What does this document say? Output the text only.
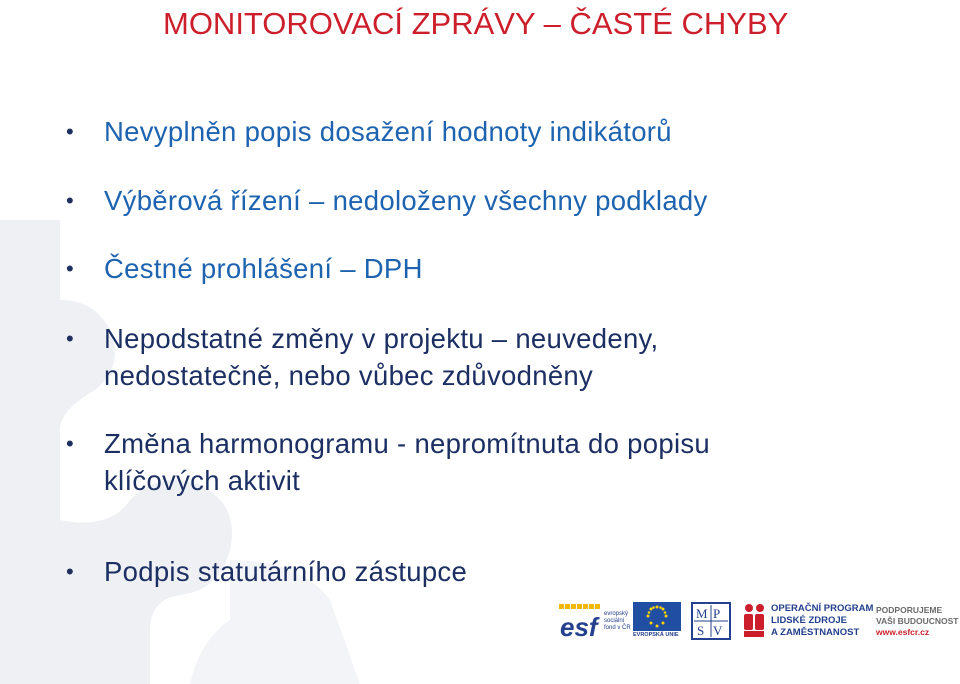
MONITOROVACÍ ZPRÁVY – ČASTÉ CHYBY
•	Nevyplněn popis dosažení hodnoty indikátorů
•	Výběrová řízení – nedoloženy všechny podklady
•	Čestné prohlášení – DPH
•	Nepodstatné změny v projektu – neuvedeny,
nedostatečně, nebo vůbec zdůvodněny
•	Změna harmonogramu - nepromítnuta do popisu
klíčových aktivit
•	Podpis statutárního zástupce
esf	evropský
sociální
fond v ČR
EVROPSKÁ UNIE
M P
S V
OPERAČNÍ PROGRAM
LIDSKÉ ZDROJE
A ZAMĚSTNANOST
PODPORUJEME
VAŠI BUDOUCNOST
www.esfcr.cz
